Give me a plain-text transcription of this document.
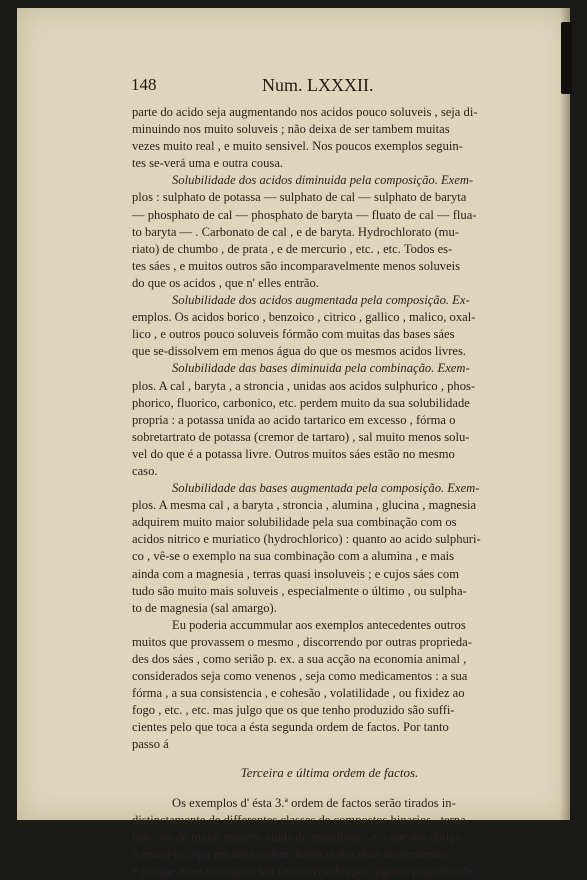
148	Num. LXXXII.
parte do acido seja augmentando nos acidos pouco soluveis , seja di-
minuindo nos muito soluveis ; não deixa de ser tambem muitas
vezes muito real , e muito sensivel. Nos poucos exemplos seguin-
tes se-verá uma e outra cousa.
Solubilidade dos acidos diminuida pela composição. Exem-
plos : sulphato de potassa — sulphato de cal — sulphato de baryta
— phosphato de cal — phosphato de baryta — fluato de cal — flua-
to baryta — . Carbonato de cal , e de baryta. Hydrochlorato (mu-
riato) de chumbo , de prata , e de mercurio , etc. , etc. Todos es-
tes sáes , e muitos outros são incomparavelmente menos soluveis
do que os acidos , que n' elles entrão.
Solubilidade dos acidos augmentada pela composição. Ex-
emplos. Os acidos borico , benzoico , citrico , gallico , malico, oxal-
lico , e outros pouco soluveis fórmão com muitas das bases sáes
que se-dissolvem em menos água do que os mesmos acidos livres.
Solubilidade das bases diminuida pela combinação. Exem-
plos. A cal , baryta , a stroncia , unidas aos acidos sulphurico , phos-
phorico, fluorico, carbonico, etc. perdem muito da sua solubilidade
propria : a potassa unida ao acido tartarico em excesso , fórma o
sobretartrato de potassa (cremor de tartaro) , sal muito menos solu-
vel do que é a potassa livre. Outros muitos sáes estão no mesmo
caso.
Solubilidade das bases augmentada pela composição. Exem-
plos. A mesma cal , a baryta , stroncia , alumina , glucina , magnesia
adquirem muito maior solubilidade pela sua combinação com os
acidos nitrico e muriatico (hydrochlorico) : quanto ao acido sulphuri-
co , vê-se o exemplo na sua combinação com a alumina , e mais
ainda com a magnesia , terras quasi insoluveis ; e cujos sáes com
tudo são muito mais soluveis , especialmente o último , ou sulpha-
to de magnesia (sal amargo).
Eu poderia accummular aos exemplos antecedentes outros
muitos que provassem o mesmo , discorrendo por outras proprieda-
des dos sáes , como serião p. ex. a sua acção na economia animal ,
considerados seja como venenos , seja como medicamentos : a sua
fórma , a sua consistencia , e cohesão , volatilidade , ou fixidez ao
fogo , etc. , etc. mas julgo que os que tenho produzido são suffi-
cientes pelo que toca a ésta segunda ordem de factos. Por tanto
passo á
Terceira e última ordem de factos.
Os exemplos d' ésta 3.ª ordem de factos serão tirados in-
distinctamente de differentes classes de compostos binarios , terna-
rios , ou de maior número ainda de principios : e o que me obriga
a reunil-os aqui em uma ordem distincta das duas antecedentes ,
é porque estes exemplos são caracterisados por alguma propriedade
